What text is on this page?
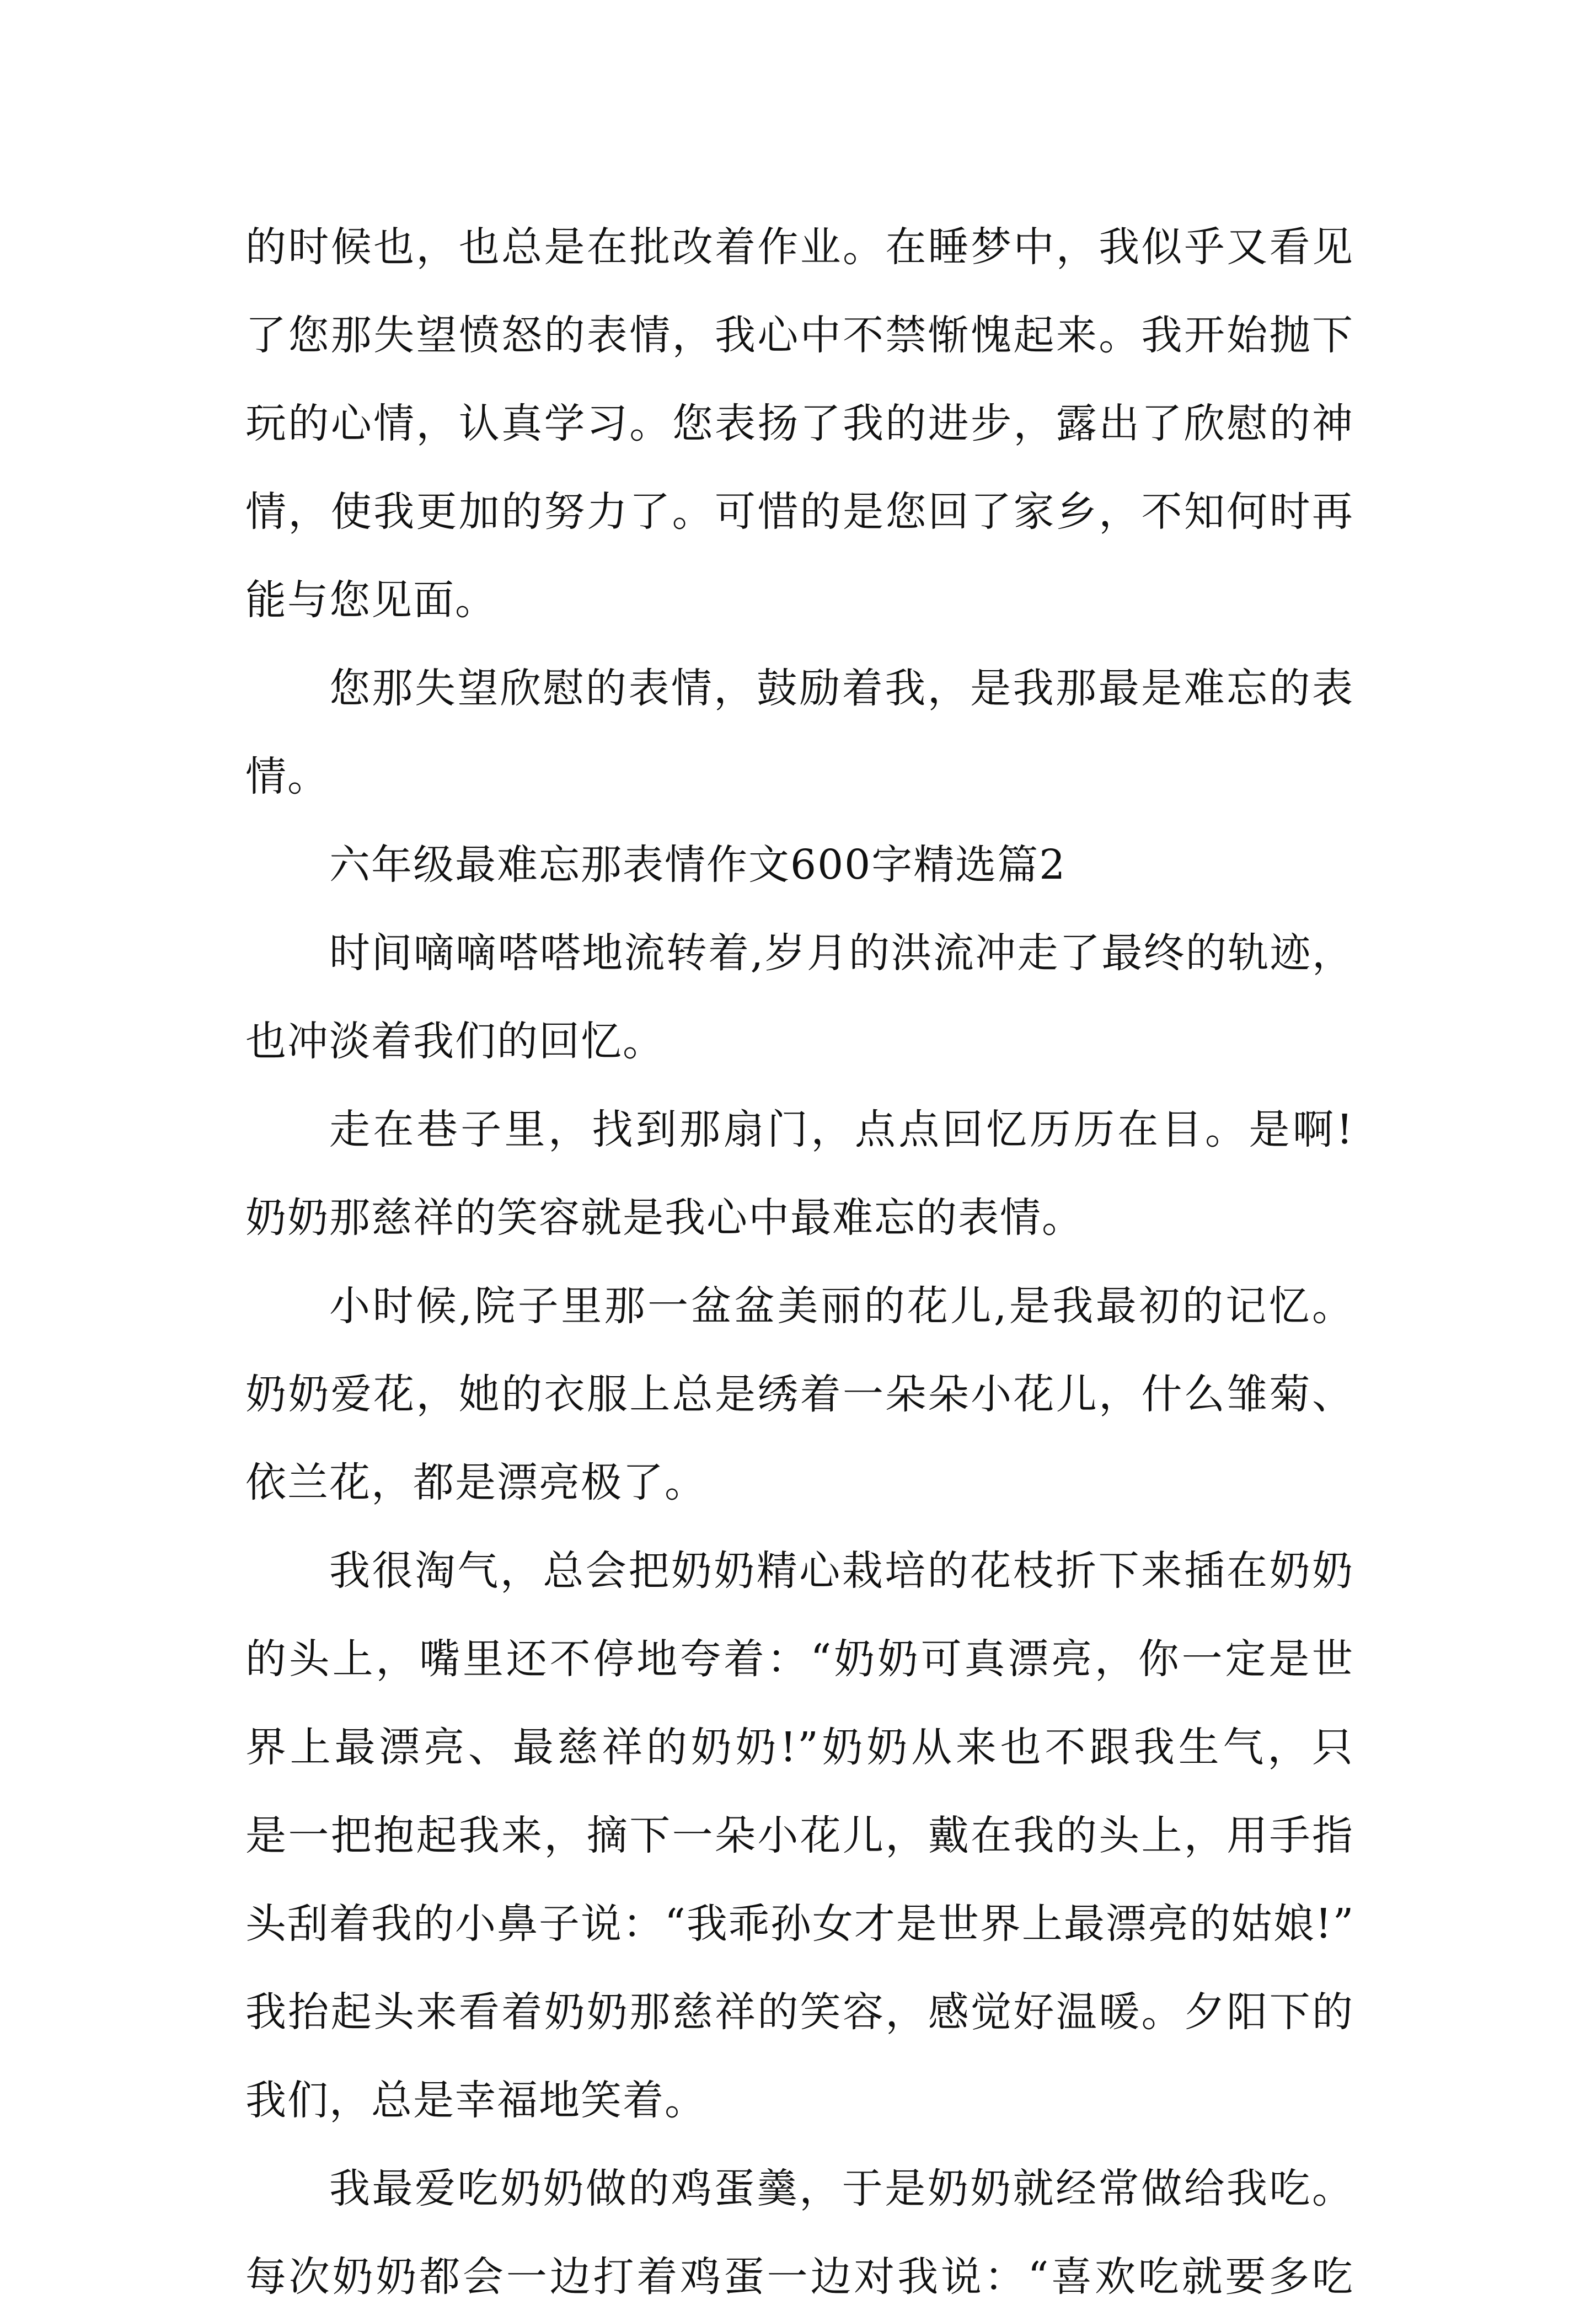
的时候也，也总是在批改着作业。在睡梦中，我似乎又看见
了您那失望愤怒的表情，我心中不禁惭愧起来。我开始抛下
玩的心情，认真学习。您表扬了我的进步，露出了欣慰的神
情，使我更加的努力了。可惜的是您回了家乡，不知何时再
能与您见面。
您那失望欣慰的表情，鼓励着我，是我那最是难忘的表
情。
六年级最难忘那表情作文600字精选篇2
时间嘀嘀嗒嗒地流转着,岁月的洪流冲走了最终的轨迹，
也冲淡着我们的回忆。
走在巷子里，找到那扇门，点点回忆历历在目。是啊!
奶奶那慈祥的笑容就是我心中最难忘的表情。
小时候,院子里那一盆盆美丽的花儿,是我最初的记忆。
奶奶爱花，她的衣服上总是绣着一朵朵小花儿，什么雏菊、
依兰花，都是漂亮极了。
我很淘气，总会把奶奶精心栽培的花枝折下来插在奶奶
的头上，嘴里还不停地夸着：“奶奶可真漂亮，你一定是世
界上最漂亮、最慈祥的奶奶!”奶奶从来也不跟我生气，只
是一把抱起我来，摘下一朵小花儿，戴在我的头上，用手指
头刮着我的小鼻子说：“我乖孙女才是世界上最漂亮的姑娘!”
我抬起头来看着奶奶那慈祥的笑容，感觉好温暖。夕阳下的
我们，总是幸福地笑着。
我最爱吃奶奶做的鸡蛋羹，于是奶奶就经常做给我吃。
每次奶奶都会一边打着鸡蛋一边对我说：“喜欢吃就要多吃
